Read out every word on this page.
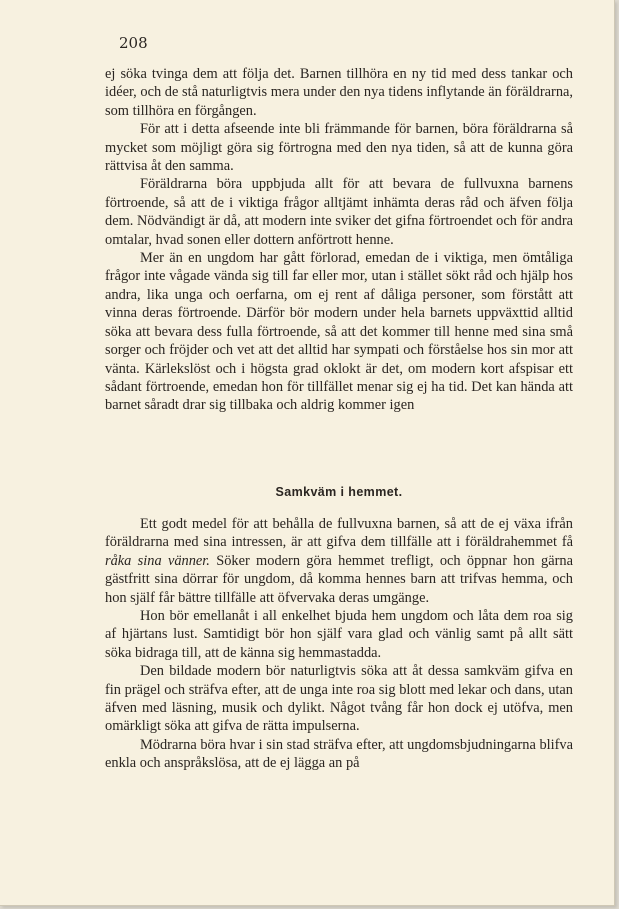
208

ej söka tvinga dem att följa det. Barnen tillhöra en ny tid med dess tankar och idéer, och de stå naturligtvis mera under den nya tidens inflytande än föräldrarna, som tillhöra en förgången.

För att i detta afseende inte bli främmande för barnen, böra föräldrarna så mycket som möjligt göra sig förtrogna med den nya tiden, så att de kunna göra rättvisa åt den samma.

Föräldrarna böra uppbjuda allt för att bevara de fullvuxna barnens förtroende, så att de i viktiga frågor alltjämt inhämta deras råd och äfven följa dem. Nödvändigt är då, att modern inte sviker det gifna förtroendet och för andra omtalar, hvad sonen eller dottern anförtrott henne.

Mer än en ungdom har gått förlorad, emedan de i viktiga, men ömtåliga frågor inte vågade vända sig till far eller mor, utan i stället sökt råd och hjälp hos andra, lika unga och oerfarna, om ej rent af dåliga personer, som förstått att vinna deras förtroende. Därför bör modern under hela barnets uppväxttid alltid söka att bevara dess fulla förtroende, så att det kommer till henne med sina små sorger och fröjder och vet att det alltid har sympati och förståelse hos sin mor att vänta. Kärlekslöst och i högsta grad oklokt är det, om modern kort afspisar ett sådant förtroende, emedan hon för tillfället menar sig ej ha tid. Det kan hända att barnet såradt drar sig tillbaka och aldrig kommer igen

Samkväm i hemmet.

Ett godt medel för att behålla de fullvuxna barnen, så att de ej växa ifrån föräldrarna med sina intressen, är att gifva dem tillfälle att i föräldrahemmet få råka sina vänner. Söker modern göra hemmet trefligt, och öppnar hon gärna gästfritt sina dörrar för ungdom, då komma hennes barn att trifvas hemma, och hon själf får bättre tillfälle att öfvervaka deras umgänge.

Hon bör emellanåt i all enkelhet bjuda hem ungdom och låta dem roa sig af hjärtans lust. Samtidigt bör hon själf vara glad och vänlig samt på allt sätt söka bidraga till, att de känna sig hemmastadda.

Den bildade modern bör naturligtvis söka att åt dessa samkväm gifva en fin prägel och sträfva efter, att de unga inte roa sig blott med lekar och dans, utan äfven med läsning, musik och dylikt. Något tvång får hon dock ej utöfva, men omärkligt söka att gifva de rätta impulserna.

Mödrarna böra hvar i sin stad sträfva efter, att ungdomsbjudningarna blifva enkla och anspråkslösa, att de ej lägga an på
